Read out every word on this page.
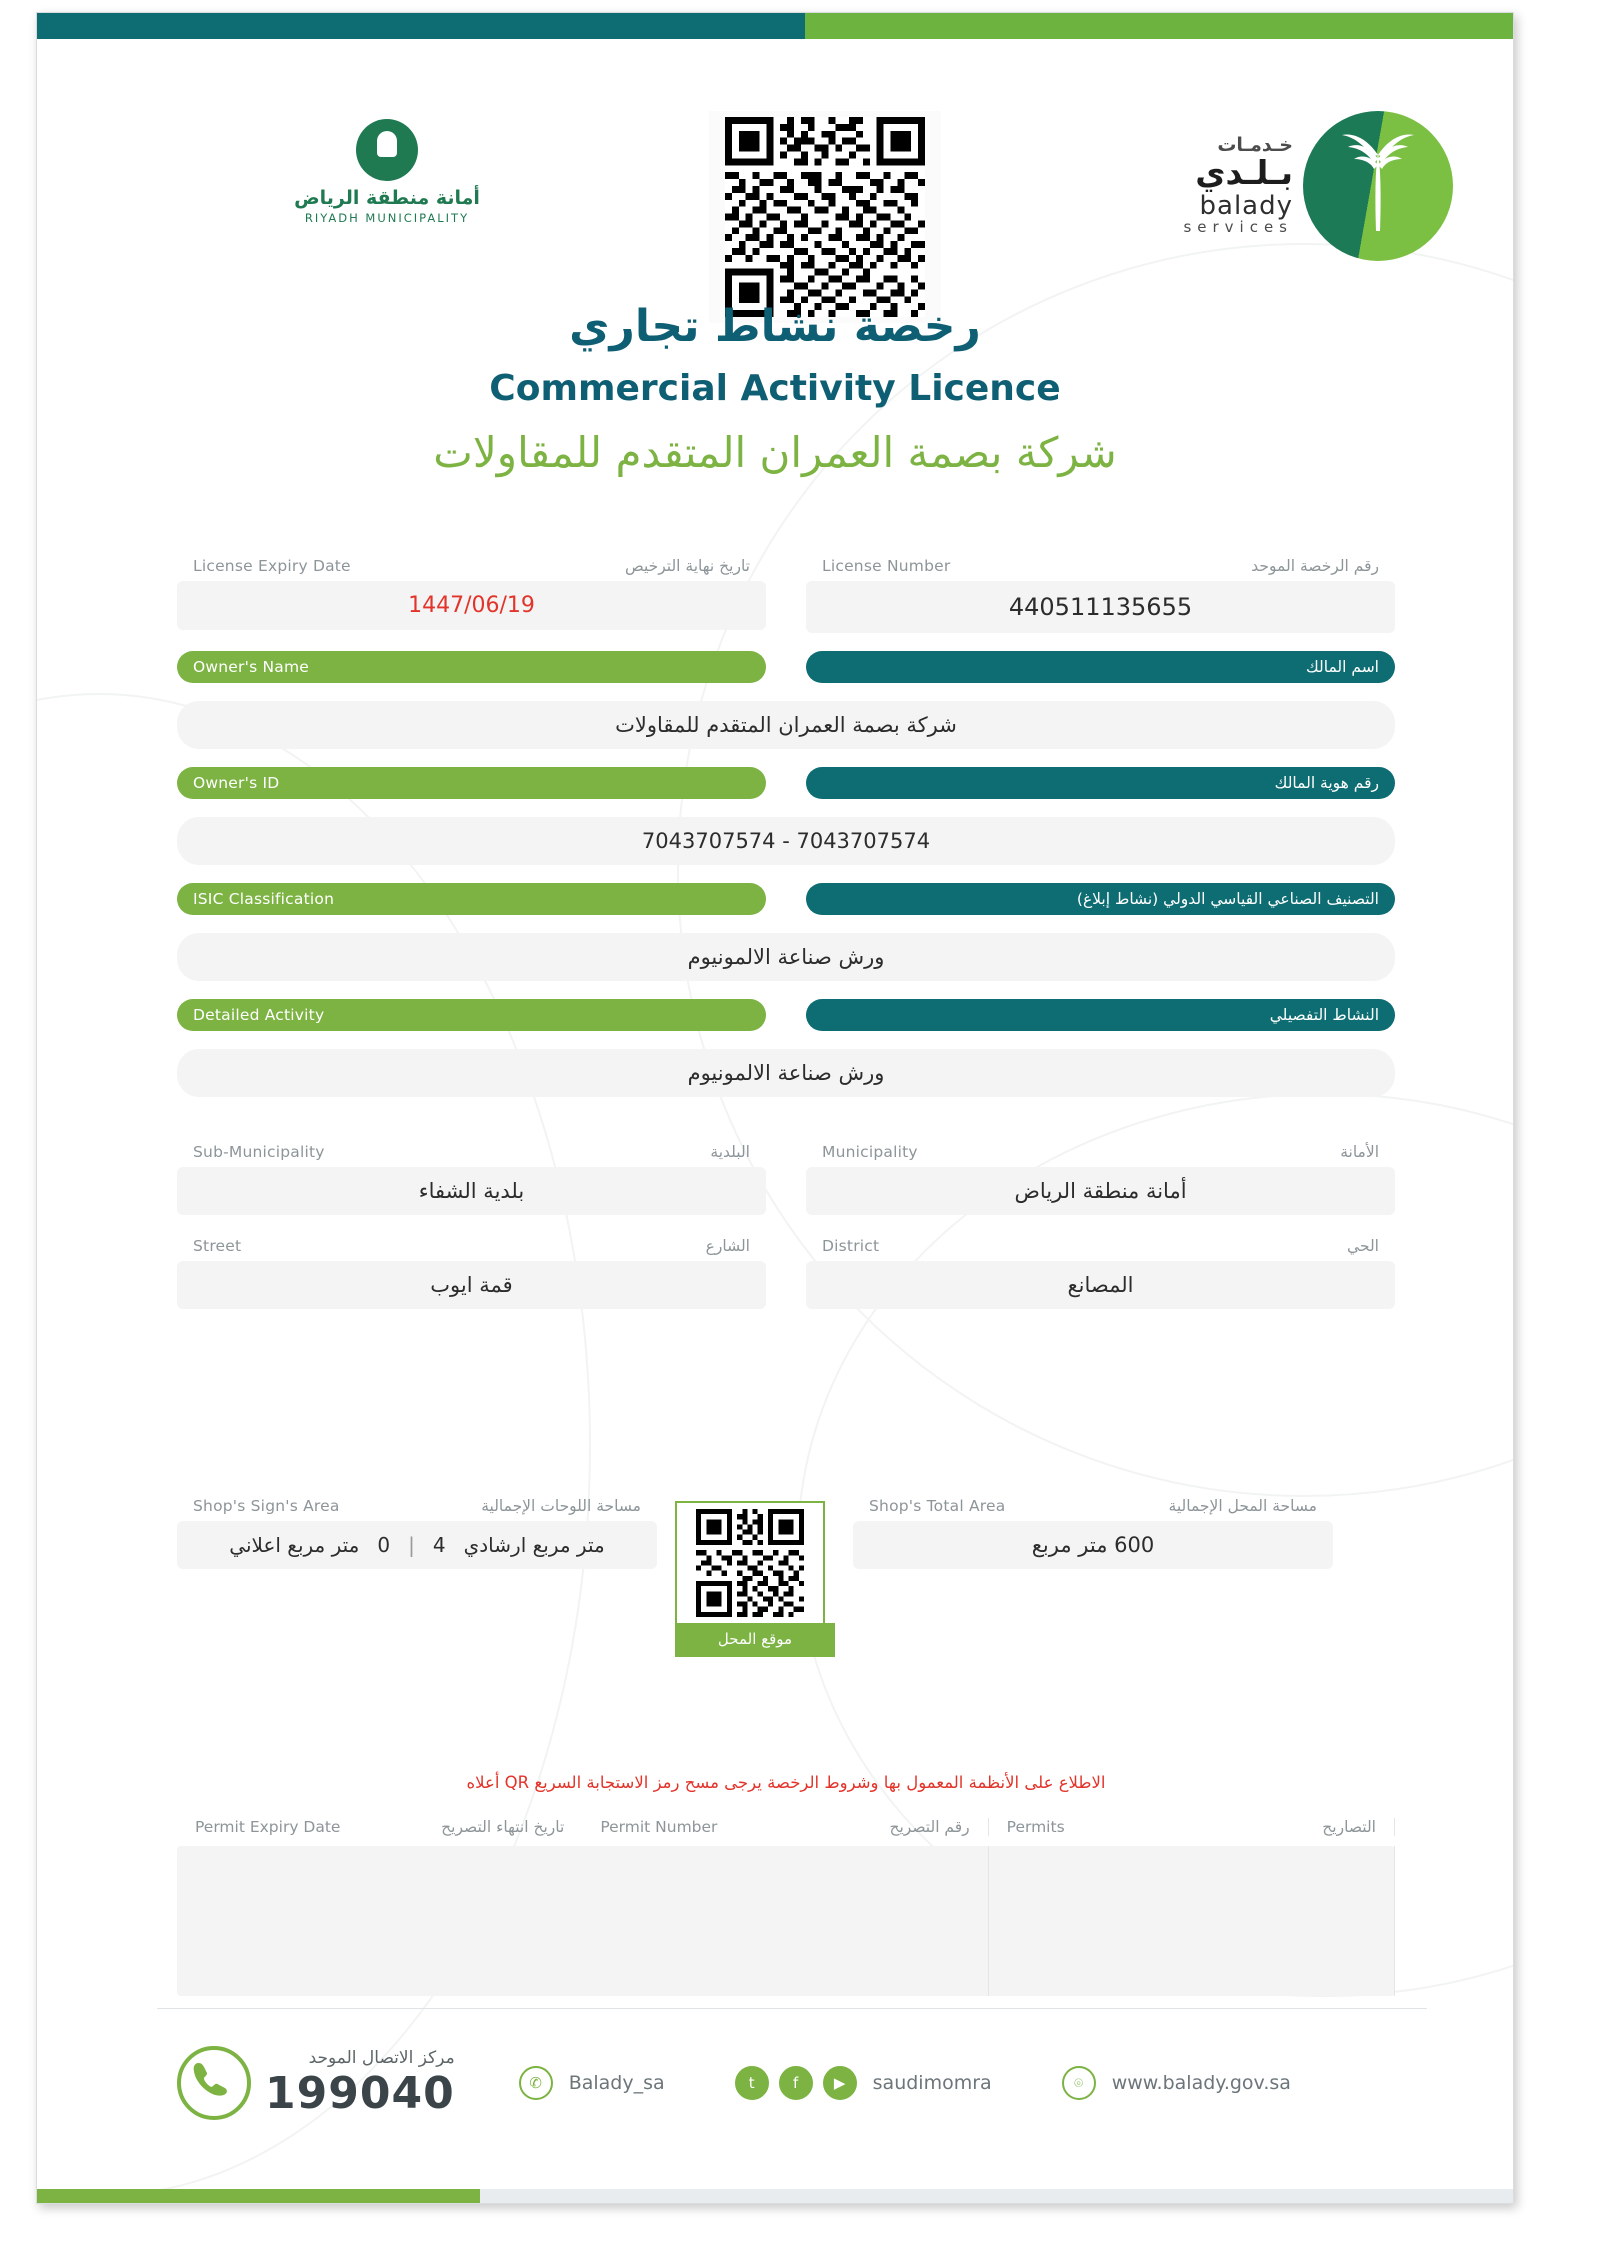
أمانة منطقة الرياض
RIYADH MUNICIPALITY
خـدمـات
بـلـدي
balady
services
رخصة نشاط تجاري
Commercial Activity Licence
شركة بصمة العمران المتقدم للمقاولات
License Expiry Date	تاريخ نهاية الترخيص
1447/06/19
License Number	رقم الرخصة الموحد
440511135655
Owner's Name	اسم المالك
شركة بصمة العمران المتقدم للمقاولات
Owner's ID	رقم هوية المالك
7043707574 - 7043707574
ISIC Classification	التصنيف الصناعي القياسي الدولي (نشاط إبلاغ)
ورش صناعة الالمونيوم
Detailed Activity	النشاط التفصيلي
ورش صناعة الالمونيوم
Sub-Municipality	البلدية
بلدية الشفاء
Municipality	الأمانة
أمانة منطقة الرياض
Street	الشارع
قمة ايوب
District	الحي
المصانع
Shop's Sign's Area	مساحة اللوحات الإجمالية
متر مربع ارشادي
4
|
0
متر مربع اعلاني
موقع المحل
Shop's Total Area	مساحة المحل الإجمالية
600 متر مربع
الاطلاع على الأنظمة المعمول بها وشروط الرخصة يرجى مسح رمز الاستجابة السريع QR أعلاه
Permit Expiry Date	تاريخ انتهاء التصريح Permit Number	رقم التصريح Permits	التصاريح
مركز الاتصال الموحد
199040	✆	Balady_sa	t	f	▶	saudimomra	⌾	www.balady.gov.sa
